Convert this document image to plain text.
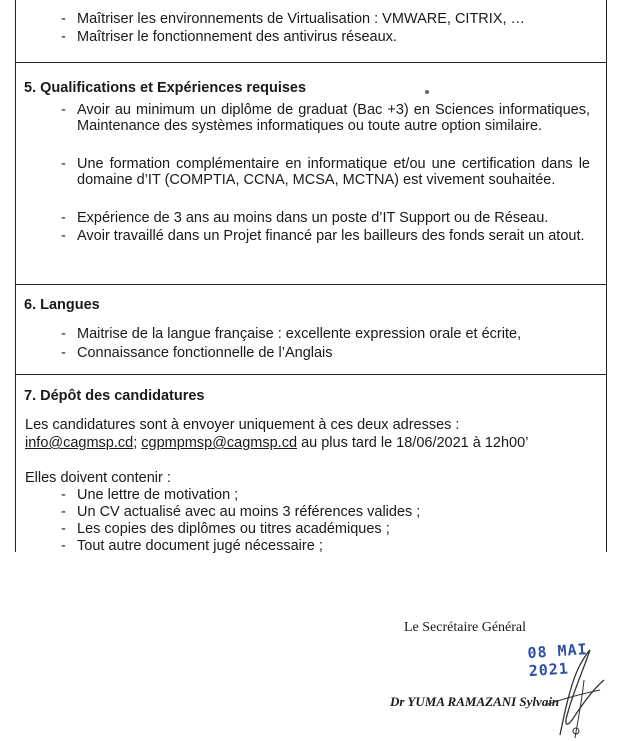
- Maîtriser les environnements de Virtualisation : VMWARE, CITRIX, …
- Maîtriser le fonctionnement des antivirus réseaux.
5. Qualifications et Expériences requises
- Avoir au minimum un diplôme de graduat (Bac +3) en Sciences informatiques, Maintenance des systèmes informatiques ou toute autre option similaire.
- Une formation complémentaire en informatique et/ou une certification dans le domaine d’IT (COMPTIA, CCNA, MCSA, MCTNA) est vivement souhaitée.
- Expérience de 3 ans au moins dans un poste d’IT Support ou de Réseau.
- Avoir travaillé dans un Projet financé par les bailleurs des fonds serait un atout.
6. Langues
- Maitrise de la langue française : excellente expression orale et écrite,
- Connaissance fonctionnelle de l’Anglais
7. Dépôt des candidatures
Les candidatures sont à envoyer uniquement à ces deux adresses :
info@cagmsp.cd; cgpmpmsp@cagmsp.cd au plus tard le 18/06/2021 à 12h00’
Elles doivent contenir :
- Une lettre de motivation ;
- Un CV actualisé avec au moins 3 références valides ;
- Les copies des diplômes ou titres académiques ;
- Tout autre document jugé nécessaire ;
Le Secrétaire Général
08 MAI 2021
Dr YUMA RAMAZANI Sylvain
